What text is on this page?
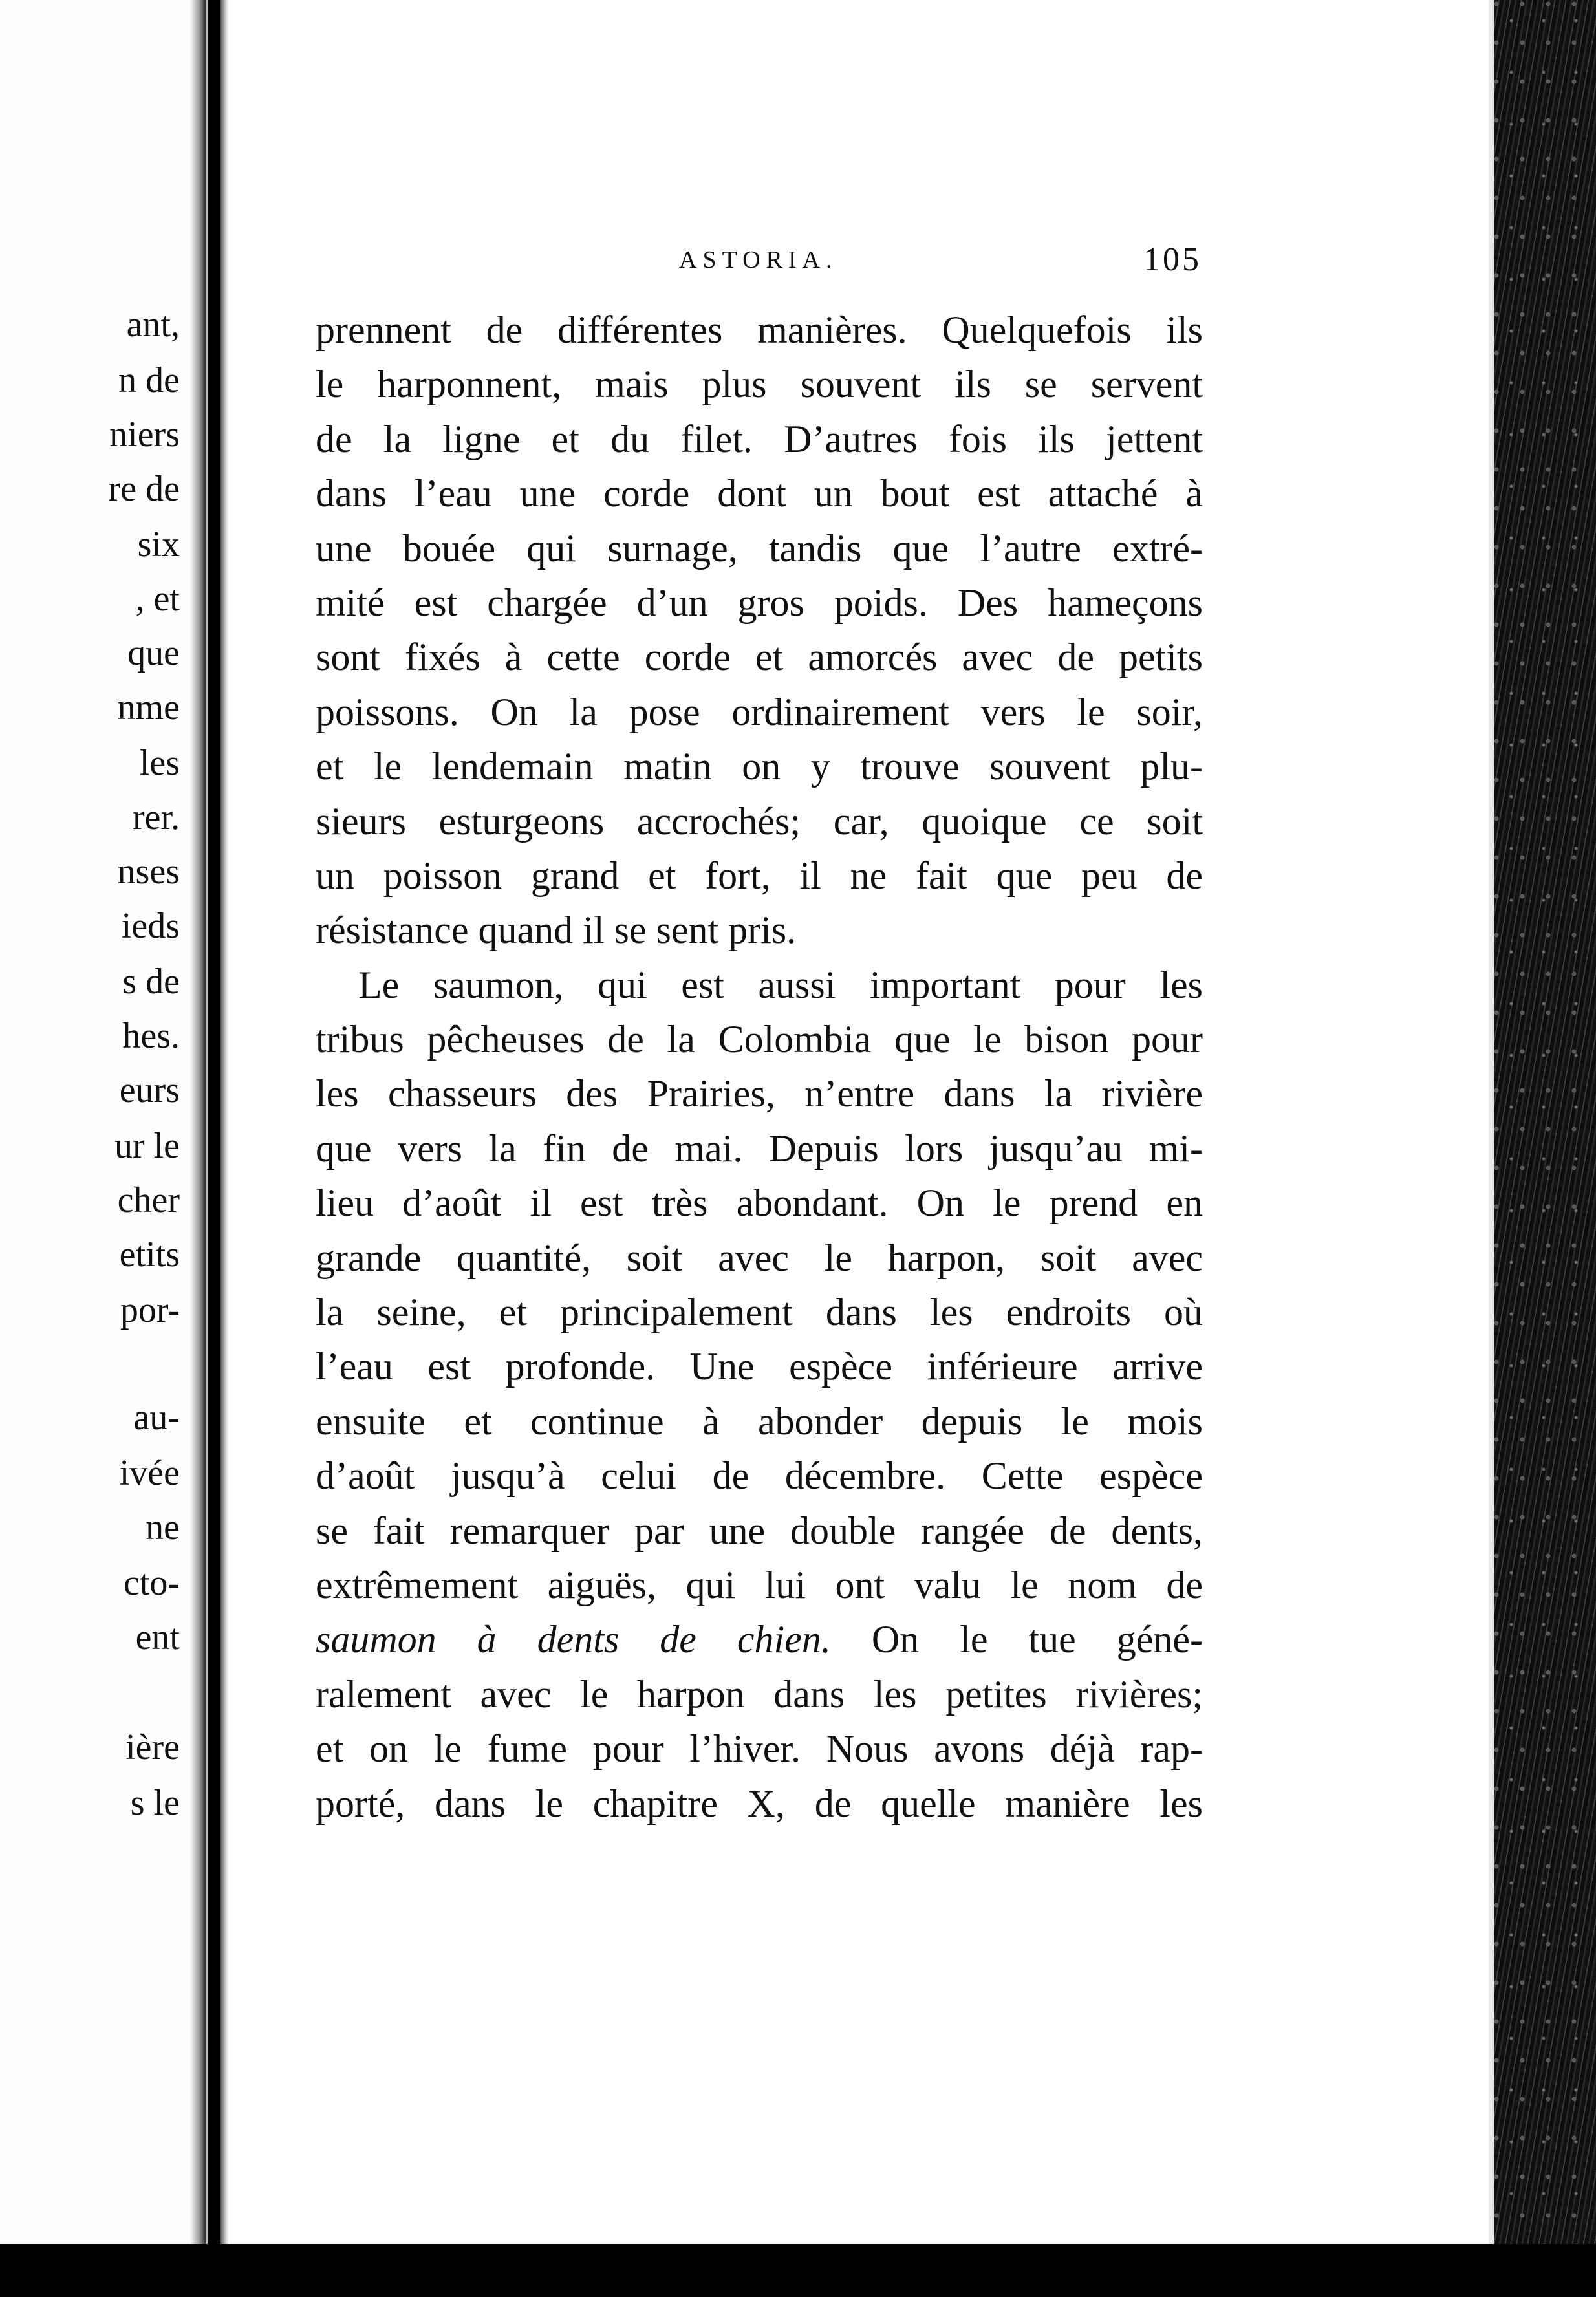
ant,
n de
niers
re de
six
, et
que
nme
les
rer.
nses
ieds
s de
hes.
eurs
ur le
cher
etits
por-
au-
ivée
ne
cto-
ent
ière
s le
ASTORIA.	105
prennent de différentes manières. Quelquefois ils
le harponnent, mais plus souvent ils se servent
de la ligne et du filet. D’autres fois ils jettent
dans l’eau une corde dont un bout est attaché à
une bouée qui surnage, tandis que l’autre extré-
mité est chargée d’un gros poids. Des hameçons
sont fixés à cette corde et amorcés avec de petits
poissons. On la pose ordinairement vers le soir,
et le lendemain matin on y trouve souvent plu-
sieurs esturgeons accrochés; car, quoique ce soit
un poisson grand et fort, il ne fait que peu de
résistance quand il se sent pris.
Le saumon, qui est aussi important pour les
tribus pêcheuses de la Colombia que le bison pour
les chasseurs des Prairies, n’entre dans la rivière
que vers la fin de mai. Depuis lors jusqu’au mi-
lieu d’août il est très abondant. On le prend en
grande quantité, soit avec le harpon, soit avec
la seine, et principalement dans les endroits où
l’eau est profonde. Une espèce inférieure arrive
ensuite et continue à abonder depuis le mois
d’août jusqu’à celui de décembre. Cette espèce
se fait remarquer par une double rangée de dents,
extrêmement aiguës, qui lui ont valu le nom de
saumon à dents de chien. On le tue géné-
ralement avec le harpon dans les petites rivières;
et on le fume pour l’hiver. Nous avons déjà rap-
porté, dans le chapitre X, de quelle manière les
